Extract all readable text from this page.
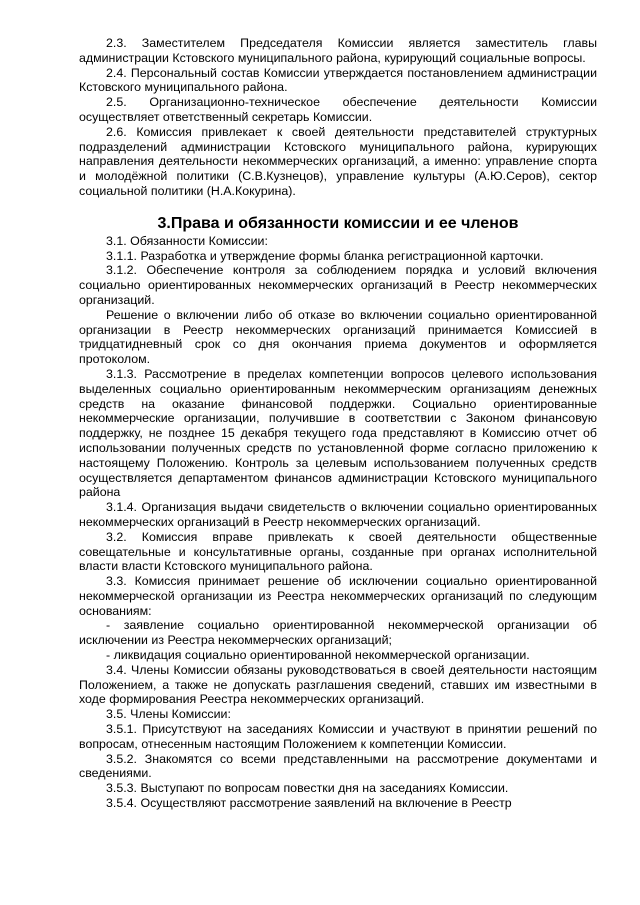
2.3. Заместителем Председателя Комиссии является заместитель главы администрации Кстовского муниципального района, курирующий социальные вопросы.

2.4. Персональный состав Комиссии утверждается постановлением администрации Кстовского муниципального района.

2.5. Организационно-техническое обеспечение деятельности Комиссии осуществляет ответственный секретарь Комиссии.

2.6. Комиссия привлекает к своей деятельности представителей структурных подразделений администрации Кстовского муниципального района, курирующих направления деятельности некоммерческих организаций, а именно: управление спорта и молодёжной политики (С.В.Кузнецов), управление культуры (А.Ю.Серов), сектор социальной политики (Н.А.Кокурина).

3.Права и обязанности комиссии и ее членов

3.1. Обязанности Комиссии:

3.1.1. Разработка и утверждение формы бланка регистрационной карточки.

3.1.2. Обеспечение контроля за соблюдением порядка и условий включения социально ориентированных некоммерческих организаций в Реестр некоммерческих организаций.

Решение о включении либо об отказе во включении социально ориентированной организации в Реестр некоммерческих организаций принимается Комиссией в тридцатидневный срок со дня окончания приема документов и оформляется протоколом.

3.1.3. Рассмотрение в пределах компетенции вопросов целевого использования выделенных социально ориентированным некоммерческим организациям денежных средств на оказание финансовой поддержки. Социально ориентированные некоммерческие организации, получившие в соответствии с Законом финансовую поддержку, не позднее 15 декабря текущего года представляют в Комиссию отчет об использовании полученных средств по установленной форме согласно приложению к настоящему Положению. Контроль за целевым использованием полученных средств осуществляется департаментом финансов администрации Кстовского муниципального района

3.1.4. Организация выдачи свидетельств о включении социально ориентированных некоммерческих организаций в Реестр некоммерческих организаций.

3.2. Комиссия вправе привлекать к своей деятельности общественные совещательные и консультативные органы, созданные при органах исполнительной власти власти Кстовского муниципального района.

3.3. Комиссия принимает решение об исключении социально ориентированной некоммерческой организации из Реестра некоммерческих организаций по следующим основаниям:

- заявление социально ориентированной некоммерческой организации об исключении из Реестра некоммерческих организаций;

- ликвидация социально ориентированной некоммерческой организации.

3.4. Члены Комиссии обязаны руководствоваться в своей деятельности настоящим Положением, а также не допускать разглашения сведений, ставших им известными в ходе формирования Реестра некоммерческих организаций.

3.5. Члены Комиссии:

3.5.1. Присутствуют на заседаниях Комиссии и участвуют в принятии решений по вопросам, отнесенным настоящим Положением к компетенции Комиссии.

3.5.2. Знакомятся со всеми представленными на рассмотрение документами и сведениями.

3.5.3. Выступают по вопросам повестки дня на заседаниях Комиссии.

3.5.4. Осуществляют рассмотрение заявлений на включение в Реестр
